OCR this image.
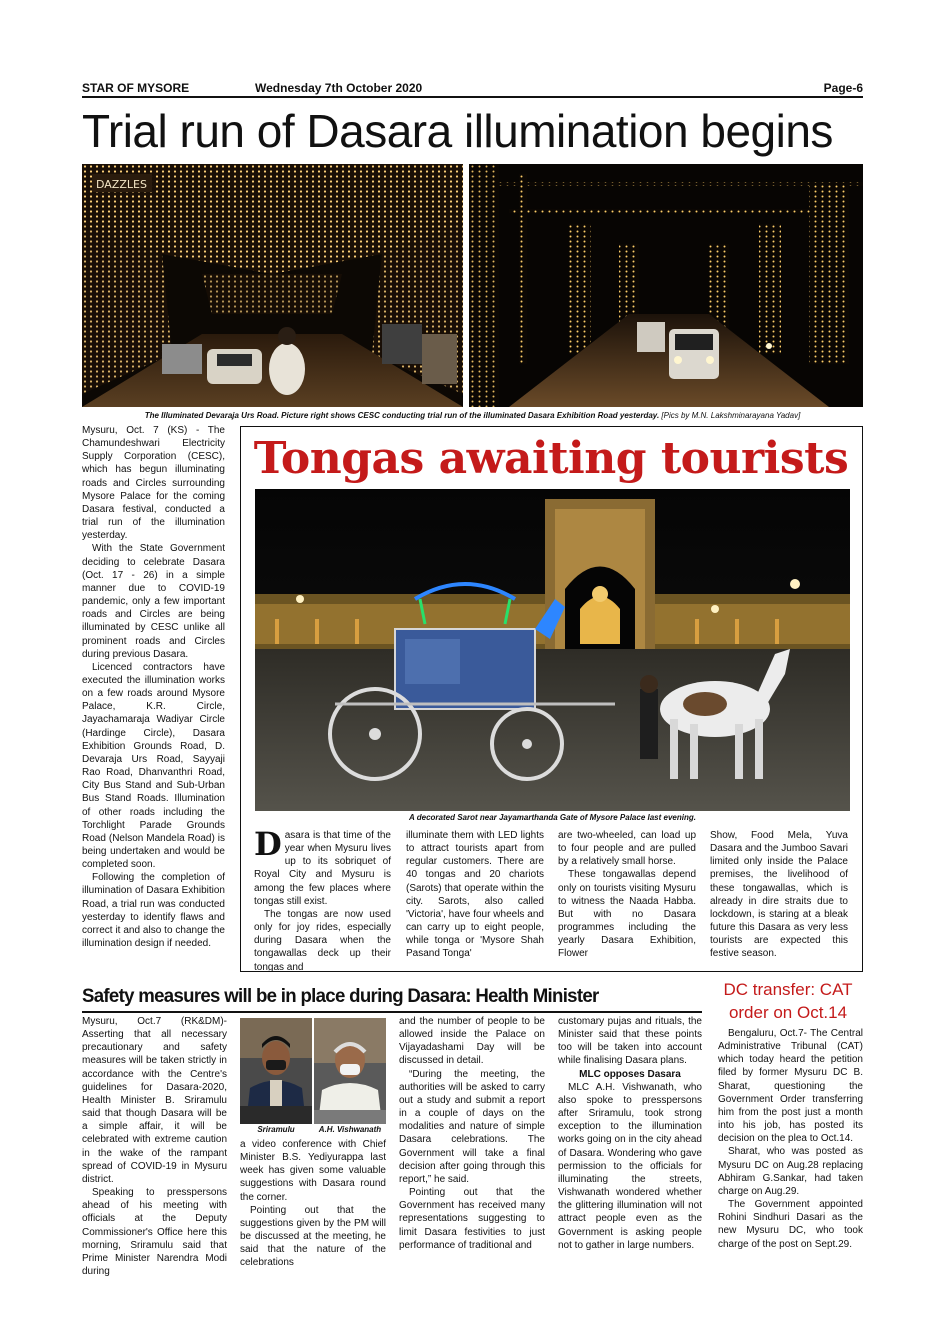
STAR OF MYSORE	Wednesday 7th October 2020	Page-6
Trial run of Dasara illumination begins
DAZZLES
The Illuminated Devaraja Urs Road. Picture right shows CESC conducting trial run of the illuminated Dasara Exhibition Road yesterday. [Pics by M.N. Lakshminarayana Yadav]

Mysuru, Oct. 7 (KS) - The Chamundeshwari Electricity Supply Corporation (CESC), which has begun illuminating roads and Circles surrounding Mysore Palace for the coming Dasara festival, conducted a trial run of the illumination yesterday.

With the State Government deciding to celebrate Dasara (Oct. 17 - 26) in a simple manner due to COVID-19 pandemic, only a few important roads and Circles are being illuminated by CESC unlike all prominent roads and Circles during previous Dasara.

Licenced contractors have executed the illumination works on a few roads around Mysore Palace, K.R. Circle, Jayachamaraja Wadiyar Circle (Hardinge Circle), Dasara Exhibition Grounds Road, D. Devaraja Urs Road, Sayyaji Rao Road, Dhanvanthri Road, City Bus Stand and Sub-Urban Bus Stand Roads. Illumination of other roads including the Torchlight Parade Grounds Road (Nelson Mandela Road) is being undertaken and would be completed soon.

Following the completion of illumination of Dasara Exhibition Road, a trial run was conducted yesterday to identify flaws and correct it and also to change the illumination design if needed.

Tongas awaiting tourists
A decorated Sarot near Jayamarthanda Gate of Mysore Palace last evening.

Dasara is that time of the year when Mysuru lives up to its sobriquet of Royal City and Mysuru is among the few places where tongas still exist.

The tongas are now used only for joy rides, especially during Dasara when the tongawallas deck up their tongas and

illuminate them with LED lights to attract tourists apart from regular customers. There are 40 tongas and 20 chariots (Sarots) that operate within the city. Sarots, also called 'Victoria', have four wheels and can carry up to eight people, while tonga or 'Mysore Shah Pasand Tonga'

are two-wheeled, can load up to four people and are pulled by a relatively small horse.

These tongawallas depend only on tourists visiting Mysuru to witness the Naada Habba. But with no Dasara programmes including the yearly Dasara Exhibition, Flower

Show, Food Mela, Yuva Dasara and the Jumboo Savari limited only inside the Palace premises, the livelihood of these tongawallas, which is already in dire straits due to lockdown, is staring at a bleak future this Dasara as very less tourists are expected this festive season.

Safety measures will be in place during Dasara: Health Minister

Mysuru, Oct.7 (RK&DM)- Asserting that all necessary precautionary and safety measures will be taken strictly in accordance with the Centre's guidelines for Dasara-2020, Health Minister B. Sriramulu said that though Dasara will be a simple affair, it will be celebrated with extreme caution in the wake of the rampant spread of COVID-19 in Mysuru district.

Speaking to presspersons ahead of his meeting with officials at the Deputy Commissioner's Office here this morning, Sriramulu said that Prime Minister Narendra Modi during

Sriramulu	A.H. Vishwanath

a video conference with Chief Minister B.S. Yediyurappa last week has given some valuable suggestions with Dasara round the corner.

Pointing out that the suggestions given by the PM will be discussed at the meeting, he said that the nature of the celebrations

and the number of people to be allowed inside the Palace on Vijayadashami Day will be discussed in detail.

“During the meeting, the authorities will be asked to carry out a study and submit a report in a couple of days on the modalities and nature of simple Dasara celebrations. The Government will take a final decision after going through this report,” he said.

Pointing out that the Government has received many representations suggesting to limit Dasara festivities to just performance of traditional and

customary pujas and rituals, the Minister said that these points too will be taken into account while finalising Dasara plans.

MLC opposes Dasara

MLC A.H. Vishwanath, who also spoke to presspersons after Sriramulu, took strong exception to the illumination works going on in the city ahead of Dasara. Wondering who gave permission to the officials for illuminating the streets, Vishwanath wondered whether the glittering illumination will not attract people even as the Government is asking people not to gather in large numbers.

DC transfer: CAT order on Oct.14

Bengaluru, Oct.7- The Central Administrative Tribunal (CAT) which today heard the petition filed by former Mysuru DC B. Sharat, questioning the Government Order transferring him from the post just a month into his job, has posted its decision on the plea to Oct.14.

Sharat, who was posted as Mysuru DC on Aug.28 replacing Abhiram G.Sankar, had taken charge on Aug.29.

The Government appointed Rohini Sindhuri Dasari as the new Mysuru DC, who took charge of the post on Sept.29.
